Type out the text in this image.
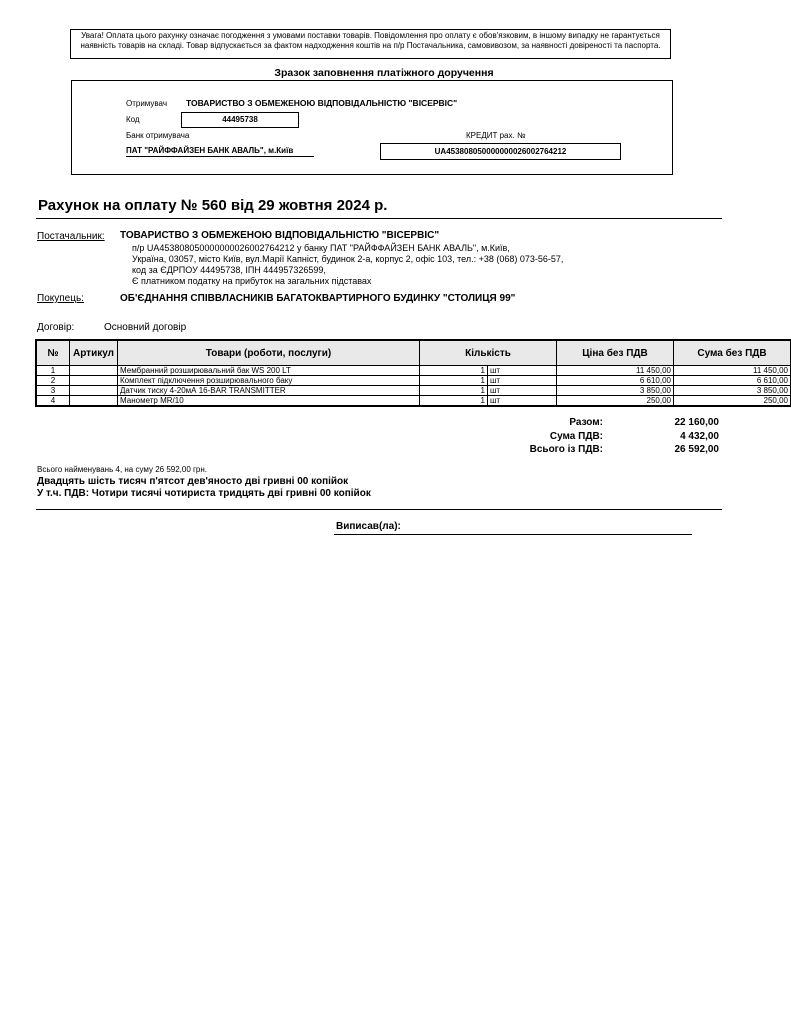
Увага! Оплата цього рахунку означає погодження з умовами поставки товарів. Повідомлення про оплату є обов'язковим, в іншому випадку не гарантується наявність товарів на складі. Товар відпускається за фактом надходження коштів на п/р Постачальника, самовивозом, за наявності довіреності та паспорта.
Зразок заповнення платіжного доручення
Отримувач ТОВАРИСТВО З ОБМЕЖЕНОЮ ВІДПОВІДАЛЬНІСТЮ "ВІСЕРВІС"
Код	44495738
Банк отримувача	КРЕДИТ рах. №
ПАТ "РАЙФФАЙЗЕН БАНК АВАЛЬ", м.Київ	UA453808050000000026002764212
Рахунок на оплату № 560 від 29 жовтня 2024 р.
Постачальник: ТОВАРИСТВО З ОБМЕЖЕНОЮ ВІДПОВІДАЛЬНІСТЮ "ВІСЕРВІС"
п/р UA453808050000000026002764212 у банку ПАТ "РАЙФФАЙЗЕН БАНК АВАЛЬ", м.Київ,
Україна, 03057, місто Київ, вул.Марії Капніст, будинок 2-а, корпус 2, офіс 103, тел.: +38 (068) 073-56-57,
код за ЄДРПОУ 44495738, ІПН 444957326599,
Є платником податку на прибуток на загальних підставах
Покупець:	ОБ'ЄДНАННЯ СПІВВЛАСНИКІВ БАГАТОКВАРТИРНОГО БУДИНКУ "СТОЛИЦЯ 99"
Договір:	Основний договір
№	Артикул	Товари (роботи, послуги)	Кількість		Ціна без ПДВ	Сума без ПДВ
1		Мембранний розширювальний бак WS 200 LT	1	шт	11 450,00	11 450,00
2		Комплект підключення розширювального баку	1	шт	6 610,00	6 610,00
3		Датчик тиску 4-20мА 16-BAR TRANSMITTER	1	шт	3 850,00	3 850,00
4		Манометр MR/10	1	шт	250,00	250,00
Разом:	22 160,00
Сума ПДВ:	4 432,00
Всього із ПДВ:	26 592,00
Всього найменувань 4, на суму 26 592,00 грн.
Двадцять шість тисяч п'ятсот дев'яносто дві гривні 00 копійок
У т.ч. ПДВ: Чотири тисячі чотириста тридцять дві гривні 00 копійок
Виписав(ла):
